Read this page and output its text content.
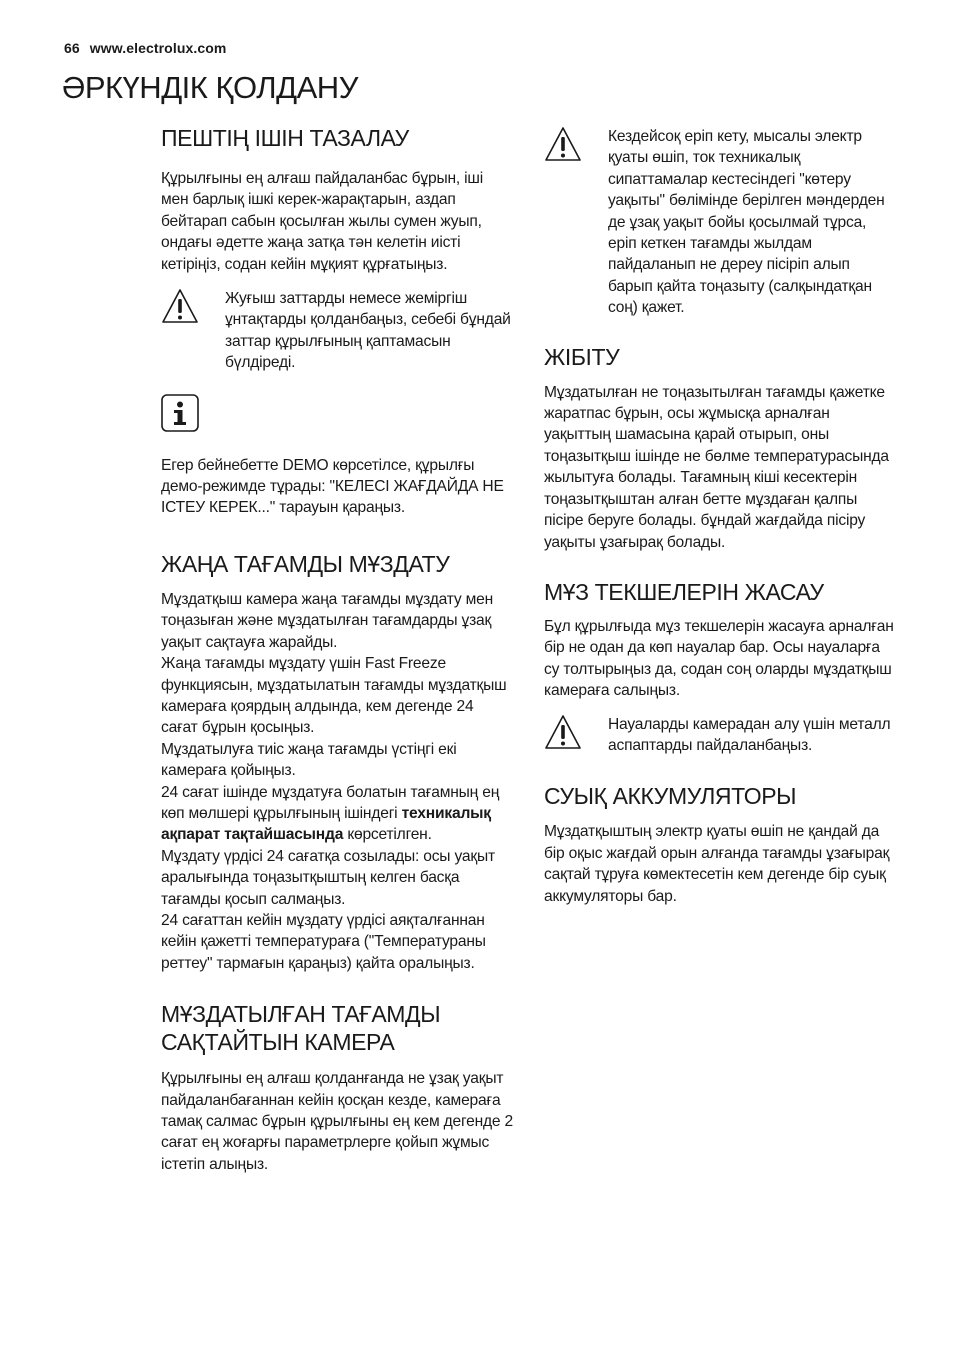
66 www.electrolux.com
ӘРКҮНДІК ҚОЛДАНУ
ПЕШТІҢ ІШІН ТАЗАЛАУ

Құрылғыны ең алғаш пайдаланбас бұрын, іші мен барлық ішкі керек-жарақтарын, аздап бейтарап сабын қосылған жылы сумен жуып, ондағы әдетте жаңа затқа тән келетін иісті кетіріңіз, содан кейін мұқият құрғатыңыз.

Жуғыш заттарды немесе жеміргіш ұнтақтарды қолданбаңыз, себебі бұндай заттар құрылғының қаптамасын бүлдіреді.

Егер бейнебетте DEMO көрсетілсе, құрылғы демо-режимде тұрады: "КЕЛЕСІ ЖАҒДАЙДА НЕ ІСТЕУ КЕРЕК..." тарауын қараңыз.

ЖАҢА ТАҒАМДЫ МҰЗДАТУ

Мұздатқыш камера жаңа тағамды мұздату мен тоңазыған және мұздатылған тағамдарды ұзақ уақыт сақтауға жарайды.

Жаңа тағамды мұздату үшін Fast Freeze функциясын, мұздатылатын тағамды мұздатқыш камераға қоярдың алдында, кем дегенде 24 сағат бұрын қосыңыз.

Мұздатылуға тиіс жаңа тағамды үстіңгі екі камераға қойыңыз.

24 сағат ішінде мұздатуға болатын тағамның ең көп мөлшері құрылғының ішіндегі техникалық ақпарат тақтайшасында көрсетілген.

Мұздату үрдісі 24 сағатқа созылады: осы уақыт аралығында тоңазытқыштың келген басқа тағамды қосып салмаңыз.

24 сағаттан кейін мұздату үрдісі аяқталғаннан кейін қажетті температураға ("Температураны реттеу" тармағын қараңыз) қайта оралыңыз.

МҰЗДАТЫЛҒАН ТАҒАМДЫ
САҚТАЙТЫН КАМЕРА

Құрылғыны ең алғаш қолданғанда не ұзақ уақыт пайдаланбағаннан кейін қосқан кезде, камераға тамақ салмас бұрын құрылғыны ең кем дегенде 2 сағат ең жоғарғы параметрлерге қойып жұмыс істетіп алыңыз.

Кездейсоқ еріп кету, мысалы электр қуаты өшіп, ток техникалық сипаттамалар кестесіндегі "көтеру уақыты" бөлімінде берілген мәндерден де ұзақ уақыт бойы қосылмай тұрса, еріп кеткен тағамды жылдам пайдаланып не дереу пісіріп алып барып қайта тоңазыту (салқындатқан соң) қажет.

ЖІБІТУ

Мұздатылған не тоңазытылған тағамды қажетке жаратпас бұрын, осы жұмысқа арналған уақыттың шамасына қарай отырып, оны тоңазытқыш ішінде не бөлме температурасында жылытуға болады. Тағамның кіші кесектерін тоңазытқыштан алған бетте мұздаған қалпы пісіре беруге болады. бұндай жағдайда пісіру уақыты ұзағырақ болады.

МҰЗ ТЕКШЕЛЕРІН ЖАСАУ

Бұл құрылғыда мұз текшелерін жасауға арналған бір не одан да көп науалар бар. Осы науаларға су толтырыңыз да, содан соң оларды мұздатқыш камераға салыңыз.

Науаларды камерадан алу үшін металл аспаптарды пайдаланбаңыз.

СУЫҚ АККУМУЛЯТОРЫ

Мұздатқыштың электр қуаты өшіп не қандай да бір оқыс жағдай орын алғанда тағамды ұзағырақ сақтай тұруға көмектесетін кем дегенде бір суық аккумуляторы бар.
